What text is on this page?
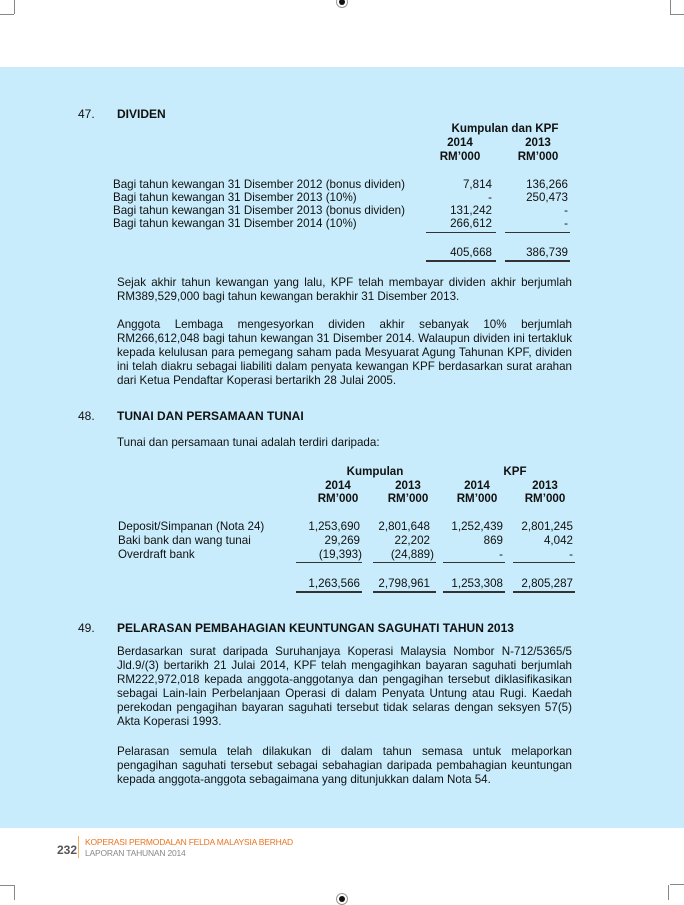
47. DIVIDEN
Kumpulan dan KPF
2014	2013
RM’000	RM’000
Bagi tahun kewangan 31 Disember 2012 (bonus dividen)	7,814	136,266
Bagi tahun kewangan 31 Disember 2013 (10%)	-	250,473
Bagi tahun kewangan 31 Disember 2013 (bonus dividen)	131,242	-
Bagi tahun kewangan 31 Disember 2014 (10%)	266,612	-
405,668	386,739
Sejak akhir tahun kewangan yang lalu, KPF telah membayar dividen akhir berjumlah RM389,529,000 bagi tahun kewangan berakhir 31 Disember 2013.
Anggota Lembaga mengesyorkan dividen akhir sebanyak 10% berjumlah RM266,612,048 bagi tahun kewangan 31 Disember 2014. Walaupun dividen ini tertakluk kepada kelulusan para pemegang saham pada Mesyuarat Agung Tahunan KPF, dividen ini telah diakru sebagai liabiliti dalam penyata kewangan KPF berdasarkan surat arahan dari Ketua Pendaftar Koperasi bertarikh 28 Julai 2005.
48. TUNAI DAN PERSAMAAN TUNAI
Tunai dan persamaan tunai adalah terdiri daripada:
Kumpulan	KPF
2014	2013	2014	2013
RM’000	RM’000	RM’000	RM’000
Deposit/Simpanan (Nota 24)	1,253,690	2,801,648	1,252,439	2,801,245
Baki bank dan wang tunai	29,269	22,202	869	4,042
Overdraft bank	(19,393)	(24,889)	-	-
1,263,566	2,798,961	1,253,308	2,805,287
49. PELARASAN PEMBAHAGIAN KEUNTUNGAN SAGUHATI TAHUN 2013
Berdasarkan surat daripada Suruhanjaya Koperasi Malaysia Nombor N-712/5365/5 Jld.9/(3) bertarikh 21 Julai 2014, KPF telah mengagihkan bayaran saguhati berjumlah RM222,972,018 kepada anggota-anggotanya dan pengagihan tersebut diklasifikasikan sebagai Lain-lain Perbelanjaan Operasi di dalam Penyata Untung atau Rugi. Kaedah perekodan pengagihan bayaran saguhati tersebut tidak selaras dengan seksyen 57(5) Akta Koperasi 1993.
Pelarasan semula telah dilakukan di dalam tahun semasa untuk melaporkan pengagihan saguhati tersebut sebagai sebahagian daripada pembahagian keuntungan kepada anggota-anggota sebagaimana yang ditunjukkan dalam Nota 54.
232
KOPERASI PERMODALAN FELDA MALAYSIA BERHAD
LAPORAN TAHUNAN 2014
